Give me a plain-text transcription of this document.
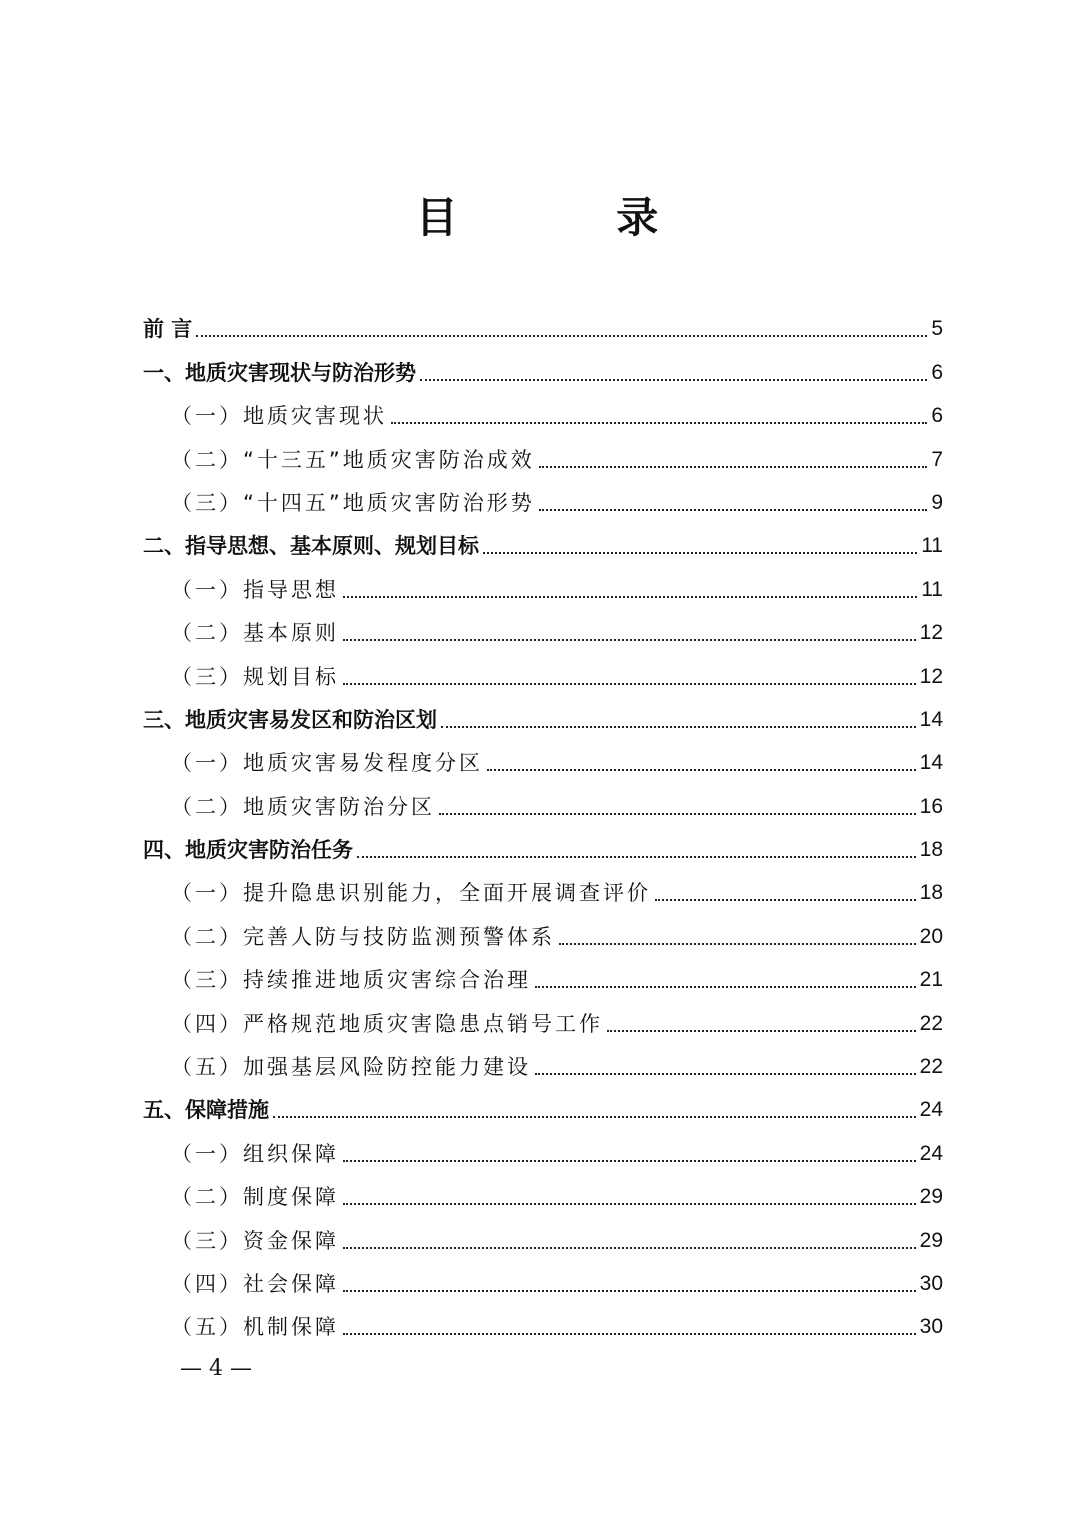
目 录
前 言	5
一、地质灾害现状与防治形势	6
（一）地质灾害现状	6
（二）“十三五”地质灾害防治成效	7
（三）“十四五”地质灾害防治形势	9
二、指导思想、基本原则、规划目标	11
（一）指导思想	11
（二）基本原则	12
（三）规划目标	12
三、地质灾害易发区和防治区划	14
（一）地质灾害易发程度分区	14
（二）地质灾害防治分区	16
四、地质灾害防治任务	18
（一）提升隐患识别能力，全面开展调查评价	18
（二）完善人防与技防监测预警体系	20
（三）持续推进地质灾害综合治理	21
（四）严格规范地质灾害隐患点销号工作	22
（五）加强基层风险防控能力建设	22
五、保障措施	24
（一）组织保障	24
（二）制度保障	29
（三）资金保障	29
（四）社会保障	30
（五）机制保障	30
— 4 —
